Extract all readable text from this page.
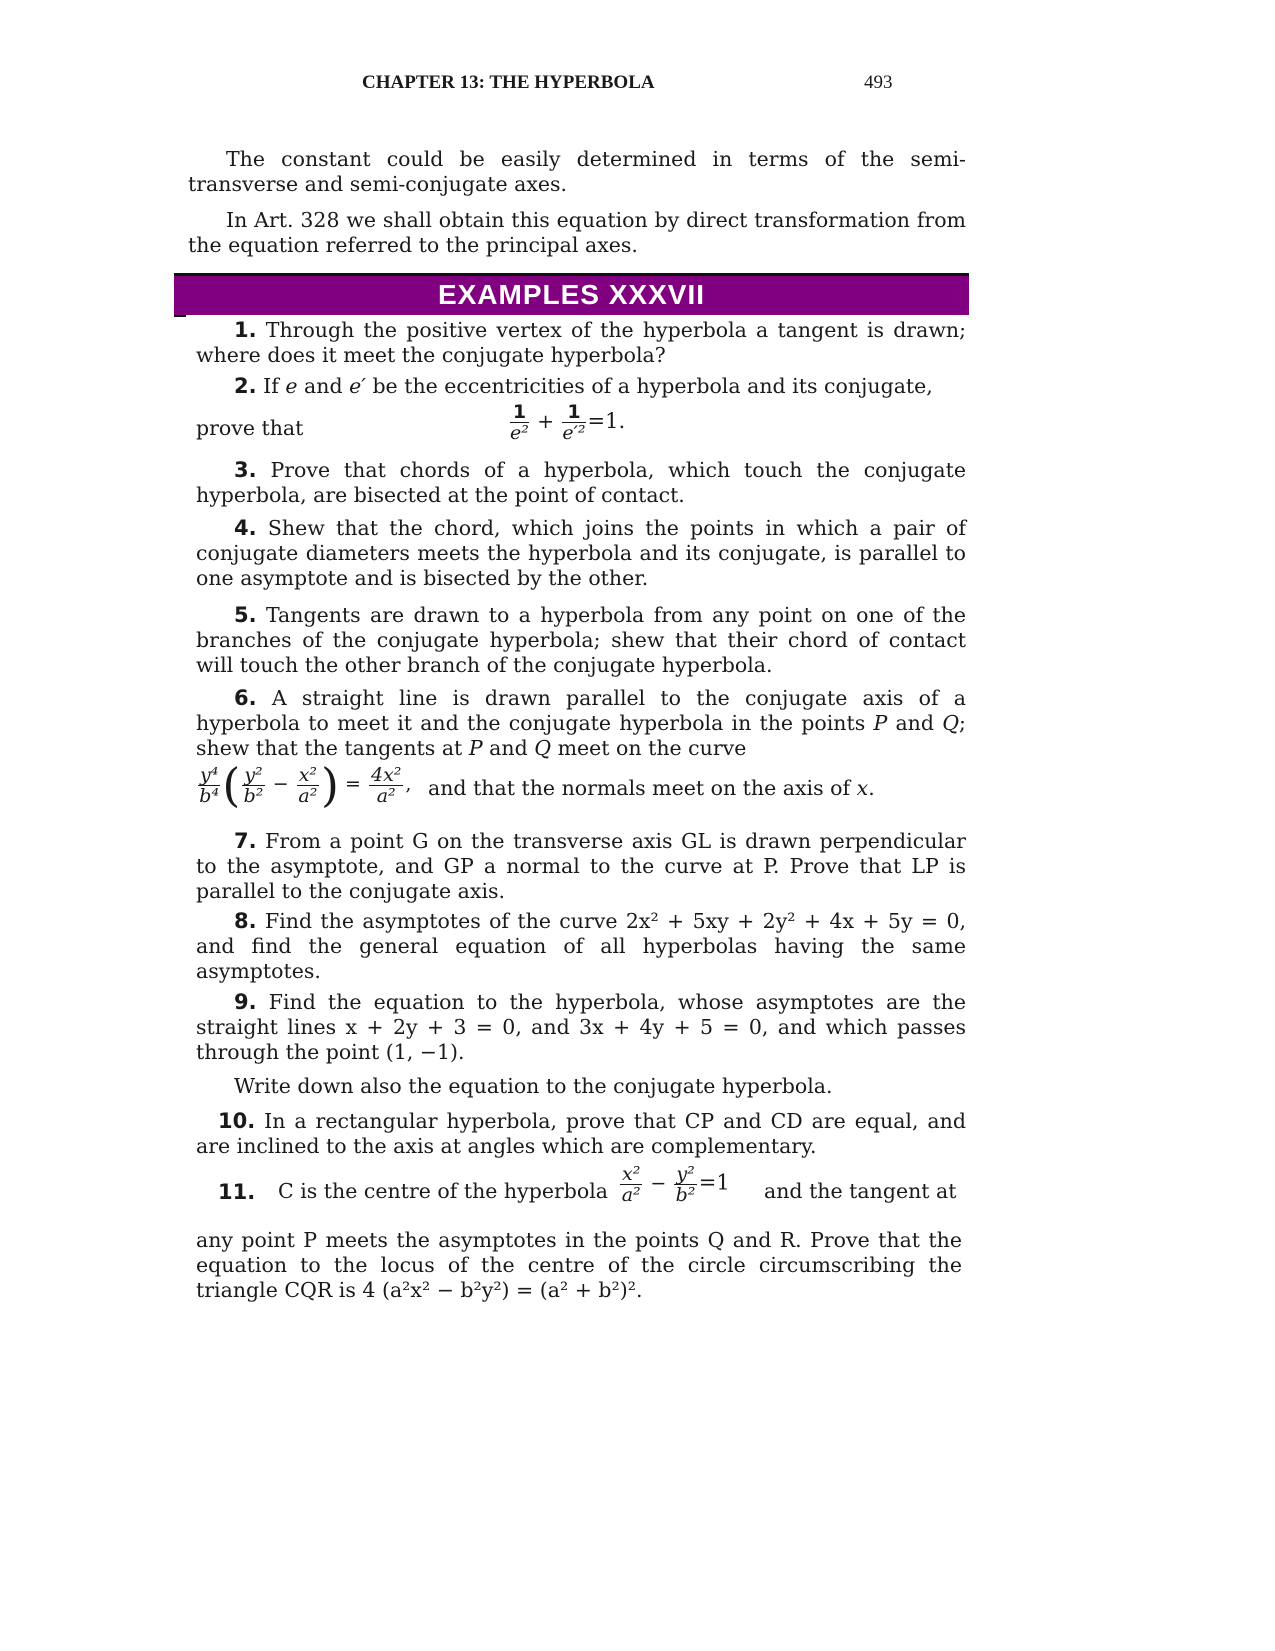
CHAPTER 13: THE HYPERBOLA	493

The constant could be easily determined in terms of the semi-transverse and semi-conjugate axes.

In Art. 328 we shall obtain this equation by direct transformation from the equation referred to the principal axes.

EXAMPLES XXXVII

1. Through the positive vertex of the hyperbola a tangent is drawn; where does it meet the conjugate hyperbola?

2. If e and e′ be the eccentricities of a hyperbola and its conjugate,

prove that	$\frac{1}{\text{e²}} + \frac{1}{\text{e′²}} =1$.

3. Prove that chords of a hyperbola, which touch the conjugate hyperbola, are bisected at the point of contact.

4. Shew that the chord, which joins the points in which a pair of conjugate diameters meets the hyperbola and its conjugate, is parallel to one asymptote and is bisected by the other.

5. Tangents are drawn to a hyperbola from any point on one of the branches of the conjugate hyperbola; shew that their chord of contact will touch the other branch of the conjugate hyperbola.

6. A straight line is drawn parallel to the conjugate axis of a hyperbola to meet it and the conjugate hyperbola in the points P and Q; shew that the tangents at P and Q meet on the curve

$\frac{\text{y⁴}}{\text{b⁴}}$ ( $\frac{\text{y²}}{\text{b²}} - \frac{\text{x²}}{\text{a²}}$ ) = $\frac{\text{4x²}}{\text{a²}}$ , and that the normals meet on the axis of x.

7. From a point G on the transverse axis GL is drawn perpendicular to the asymptote, and GP a normal to the curve at P. Prove that LP is parallel to the conjugate axis.

8. Find the asymptotes of the curve 2x² + 5xy + 2y² + 4x + 5y = 0, and find the general equation of all hyperbolas having the same asymptotes.

9. Find the equation to the hyperbola, whose asymptotes are the straight lines x + 2y + 3 = 0, and 3x + 4y + 5 = 0, and which passes through the point (1, −1).

Write down also the equation to the conjugate hyperbola.

10. In a rectangular hyperbola, prove that CP and CD are equal, and are inclined to the axis at angles which are complementary.

11. C is the centre of the hyperbola $\frac{\text{x²}}{\text{a²}} - \frac{\text{y²}}{\text{b²}} =1$ and the tangent at

any point P meets the asymptotes in the points Q and R. Prove that the equation to the locus of the centre of the circle circumscribing the triangle CQR is 4 (a²x² − b²y²) = (a² + b²)².
